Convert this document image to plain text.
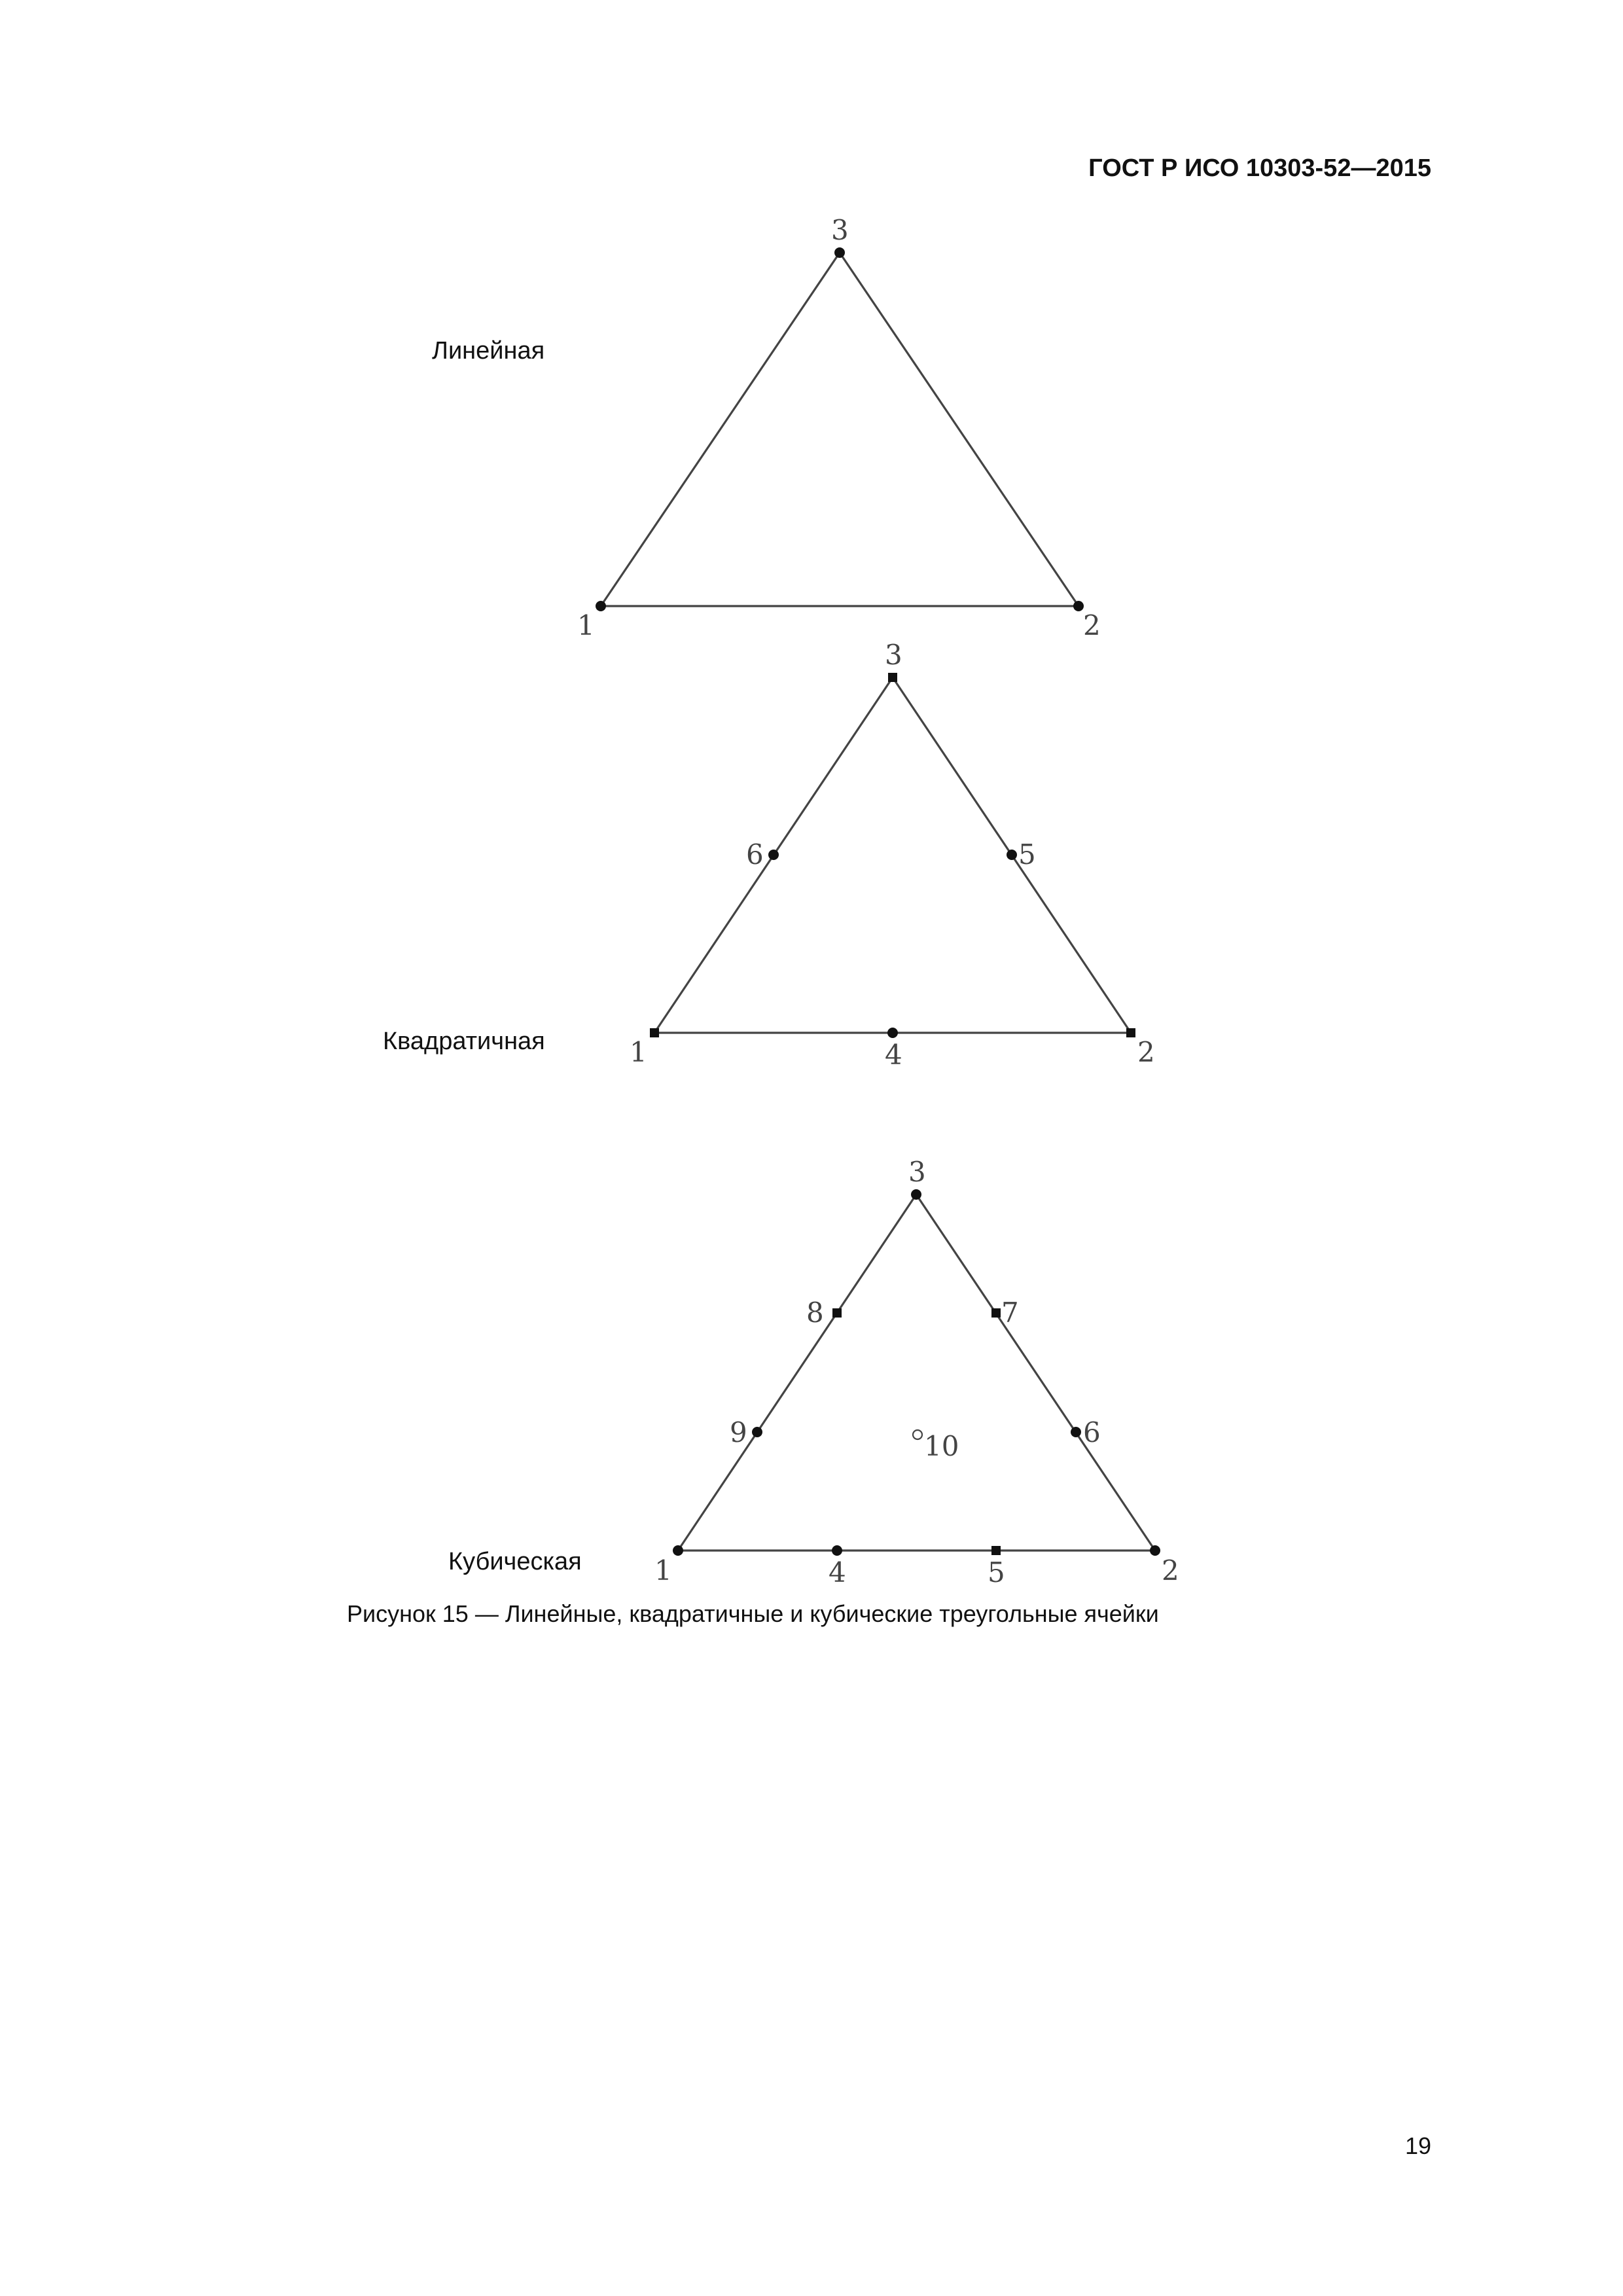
ГОСТ Р ИСО 10303-52—2015
Линейная
Квадратичная
Кубическая
1	2
3
1	2
3
4
5
6
1	2
3
4	5
6
7
8
9	10
Рисунок 15 — Линейные, квадратичные и кубические треугольные ячейки
19
